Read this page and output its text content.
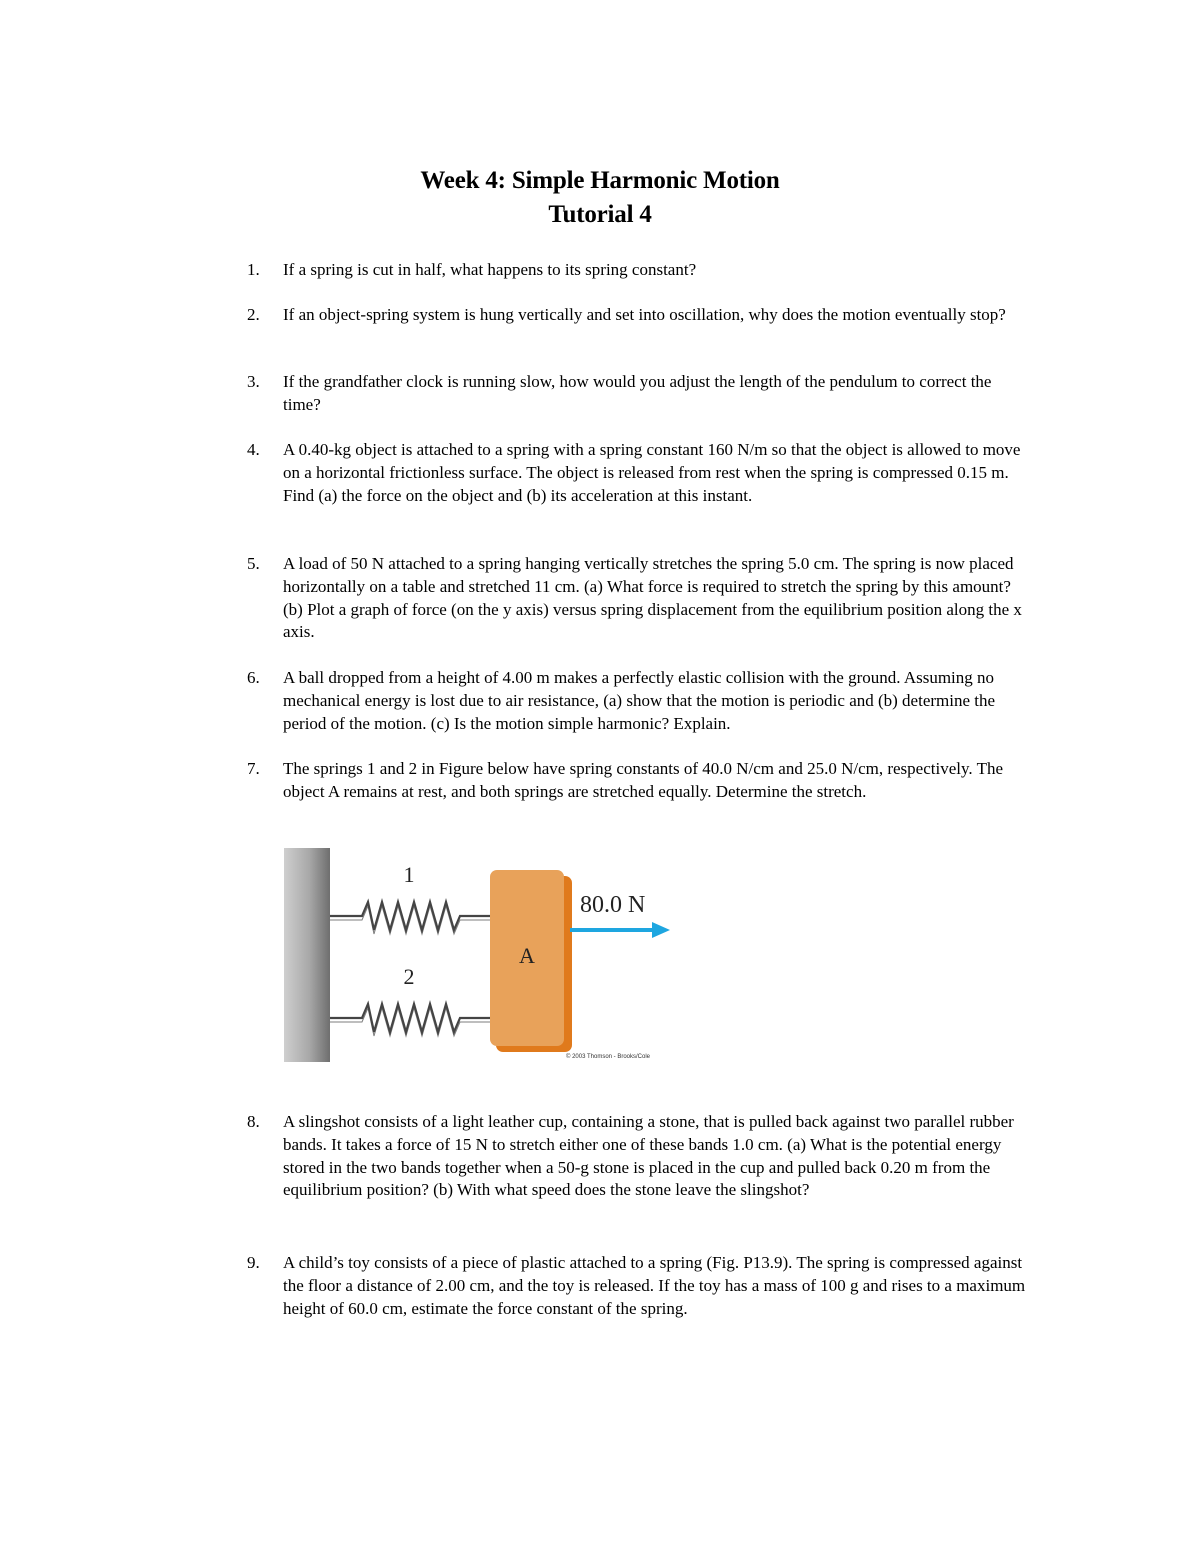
Week 4: Simple Harmonic Motion
Tutorial 4
1. If a spring is cut in half, what happens to its spring constant?
2. If an object-spring system is hung vertically and set into oscillation, why does the motion eventually stop?
3. If the grandfather clock is running slow, how would you adjust the length of the pendulum to correct the time?
4. A 0.40-kg object is attached to a spring with a spring constant 160 N/m so that the object is allowed to move on a horizontal frictionless surface. The object is released from rest when the spring is compressed 0.15 m. Find (a) the force on the object and (b) its acceleration at this instant.
5. A load of 50 N attached to a spring hanging vertically stretches the spring 5.0 cm. The spring is now placed horizontally on a table and stretched 11 cm. (a) What force is required to stretch the spring by this amount? (b) Plot a graph of force (on the y axis) versus spring displacement from the equilibrium position along the x axis.
6. A ball dropped from a height of 4.00 m makes a perfectly elastic collision with the ground. Assuming no mechanical energy is lost due to air resistance, (a) show that the motion is periodic and (b) determine the period of the motion. (c) Is the motion simple harmonic? Explain.
7. The springs 1 and 2 in Figure below have spring constants of 40.0 N/cm and 25.0 N/cm, respectively. The object A remains at rest, and both springs are stretched equally. Determine the stretch.
1
2
A
80.0 N
© 2003 Thomson - Brooks/Cole
8. A slingshot consists of a light leather cup, containing a stone, that is pulled back against two parallel rubber bands. It takes a force of 15 N to stretch either one of these bands 1.0 cm. (a) What is the potential energy stored in the two bands together when a 50-g stone is placed in the cup and pulled back 0.20 m from the equilibrium position? (b) With what speed does the stone leave the slingshot?
9. A child’s toy consists of a piece of plastic attached to a spring (Fig. P13.9). The spring is compressed against the floor a distance of 2.00 cm, and the toy is released. If the toy has a mass of 100 g and rises to a maximum height of 60.0 cm, estimate the force constant of the spring.
